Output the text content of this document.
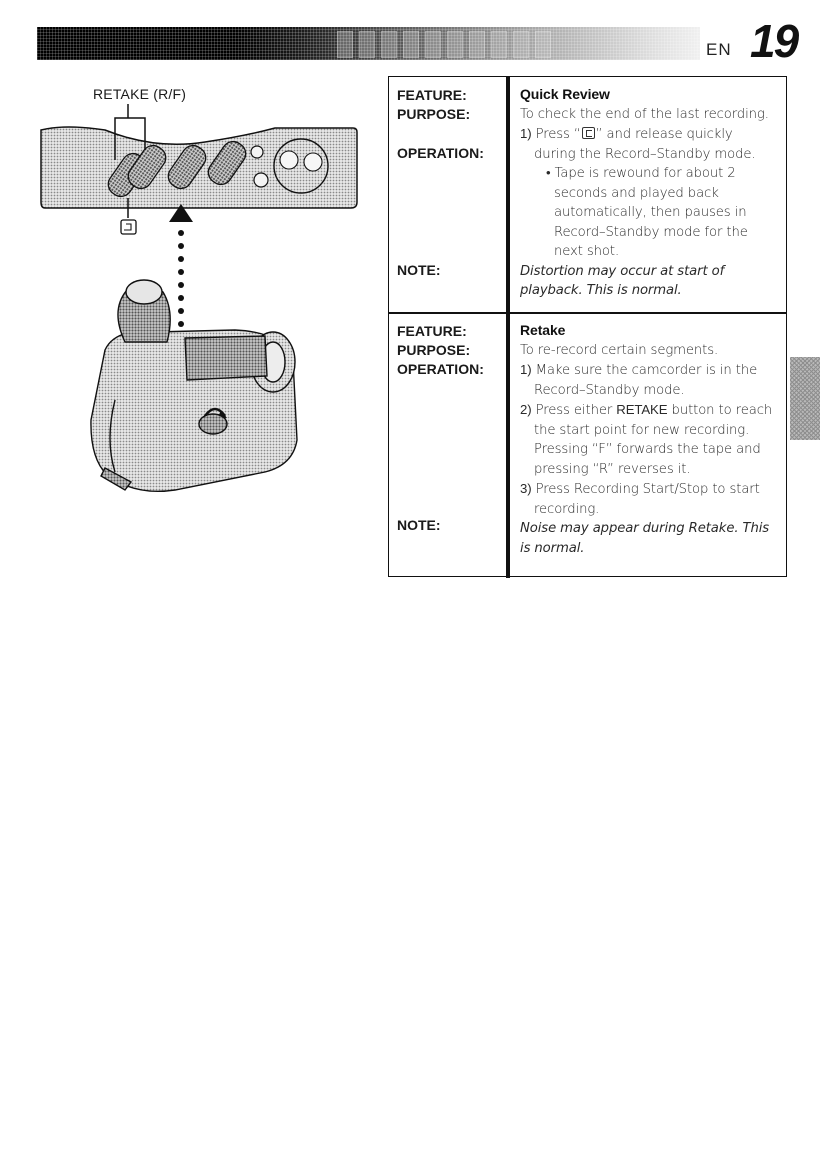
EN 19
RETAKE (R/F)	FEATURE:
PURPOSE:
OPERATION:
NOTE:
Quick Review
To check the end of the last recording.
1) Press “ ” and release quickly during the Record–Standby mode.
• Tape is rewound for about 2 seconds and played back automatically, then pauses in Record–Standby mode for the next shot.
Distortion may occur at start of playback. This is normal.
FEATURE:
PURPOSE:
OPERATION:
NOTE:
Retake
To re-record certain segments.
1) Make sure the camcorder is in the Record–Standby mode.
2) Press either RETAKE button to reach the start point for new recording. Pressing “F” forwards the tape and pressing “R” reverses it.
3) Press Recording Start/Stop to start recording.
Noise may appear during Retake. This is normal.
